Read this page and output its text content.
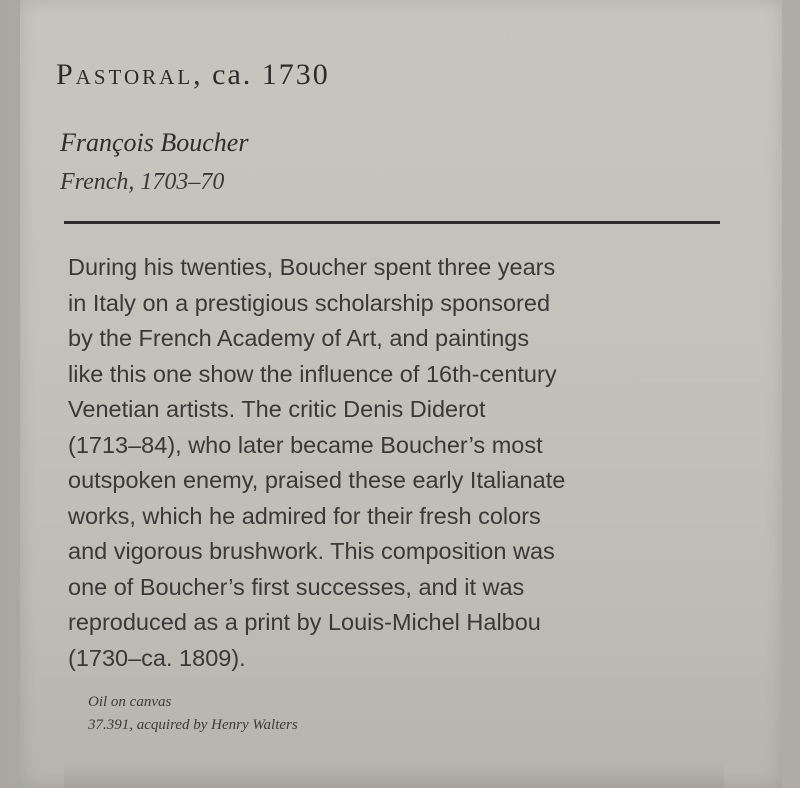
Pastoral, ca. 1730
François Boucher
French, 1703–70
During his twenties, Boucher spent three years
in Italy on a prestigious scholarship sponsored
by the French Academy of Art, and paintings
like this one show the influence of 16th-century
Venetian artists. The critic Denis Diderot
(1713–84), who later became Boucher’s most
outspoken enemy, praised these early Italianate
works, which he admired for their fresh colors
and vigorous brushwork. This composition was
one of Boucher’s first successes, and it was
reproduced as a print by Louis-Michel Halbou
(1730–ca. 1809).
Oil on canvas
37.391, acquired by Henry Walters
